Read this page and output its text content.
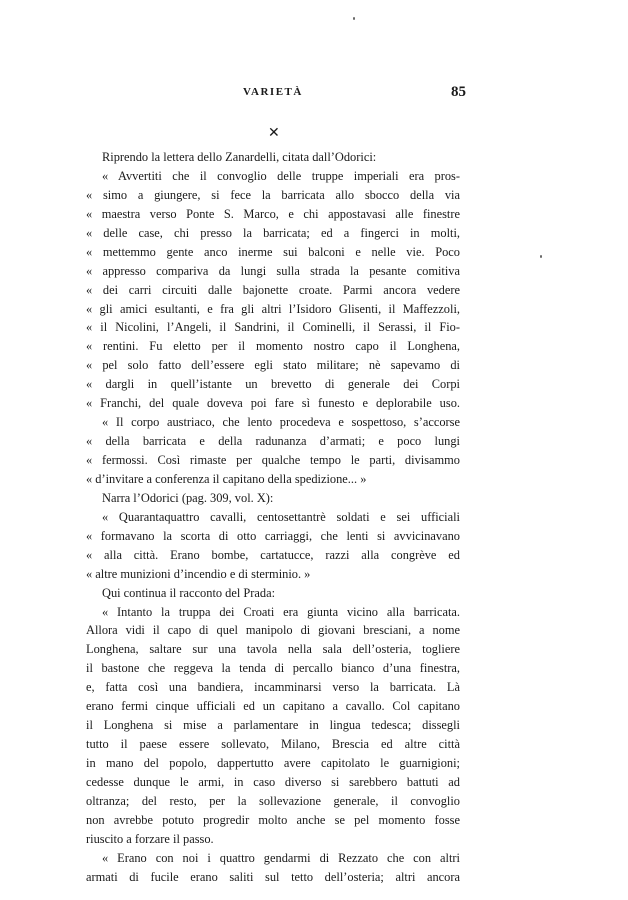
VARIETÀ	85
✕
Riprendo la lettera dello Zanardelli, citata dall’Odorici:
« Avvertiti che il convoglio delle truppe imperiali era pros-
« simo a giungere, si fece la barricata allo sbocco della via
« maestra verso Ponte S. Marco, e chi appostavasi alle finestre
« delle case, chi presso la barricata; ed a fingerci in molti,
« mettemmo gente anco inerme sui balconi e nelle vie. Poco
« appresso compariva da lungi sulla strada la pesante comitiva
« dei carri circuiti dalle bajonette croate. Parmi ancora vedere
« gli amici esultanti, e fra gli altri l’Isidoro Glisenti, il Maffezzoli,
« il Nicolini, l’Angeli, il Sandrini, il Cominelli, il Serassi, il Fio-
« rentini. Fu eletto per il momento nostro capo il Longhena,
« pel solo fatto dell’essere egli stato militare; nè sapevamo di
« dargli in quell’istante un brevetto di generale dei Corpi
« Franchi, del quale doveva poi fare sì funesto e deplorabile uso.
« Il corpo austriaco, che lento procedeva e sospettoso, s’accorse
« della barricata e della radunanza d’armati; e poco lungi
« fermossi. Così rimaste per qualche tempo le parti, divisammo
« d’invitare a conferenza il capitano della spedizione... »
Narra l’Odorici (pag. 309, vol. X):
« Quarantaquattro cavalli, centosettantrè soldati e sei ufficiali
« formavano la scorta di otto carriaggi, che lenti si avvicinavano
« alla città. Erano bombe, cartatucce, razzi alla congrève ed
« altre munizioni d’incendio e di sterminio. »
Qui continua il racconto del Prada:
« Intanto la truppa dei Croati era giunta vicino alla barricata.
Allora vidi il capo di quel manipolo di giovani bresciani, a nome
Longhena, saltare sur una tavola nella sala dell’osteria, togliere
il bastone che reggeva la tenda di percallo bianco d’una finestra,
e, fatta così una bandiera, incamminarsi verso la barricata. Là
erano fermi cinque ufficiali ed un capitano a cavallo. Col capitano
il Longhena si mise a parlamentare in lingua tedesca; dissegli
tutto il paese essere sollevato, Milano, Brescia ed altre città
in mano del popolo, dappertutto avere capitolato le guarnigioni;
cedesse dunque le armi, in caso diverso si sarebbero battuti ad
oltranza; del resto, per la sollevazione generale, il convoglio
non avrebbe potuto progredir molto anche se pel momento fosse
riuscito a forzare il passo.
« Erano con noi i quattro gendarmi di Rezzato che con altri
armati di fucile erano saliti sul tetto dell’osteria; altri ancora
